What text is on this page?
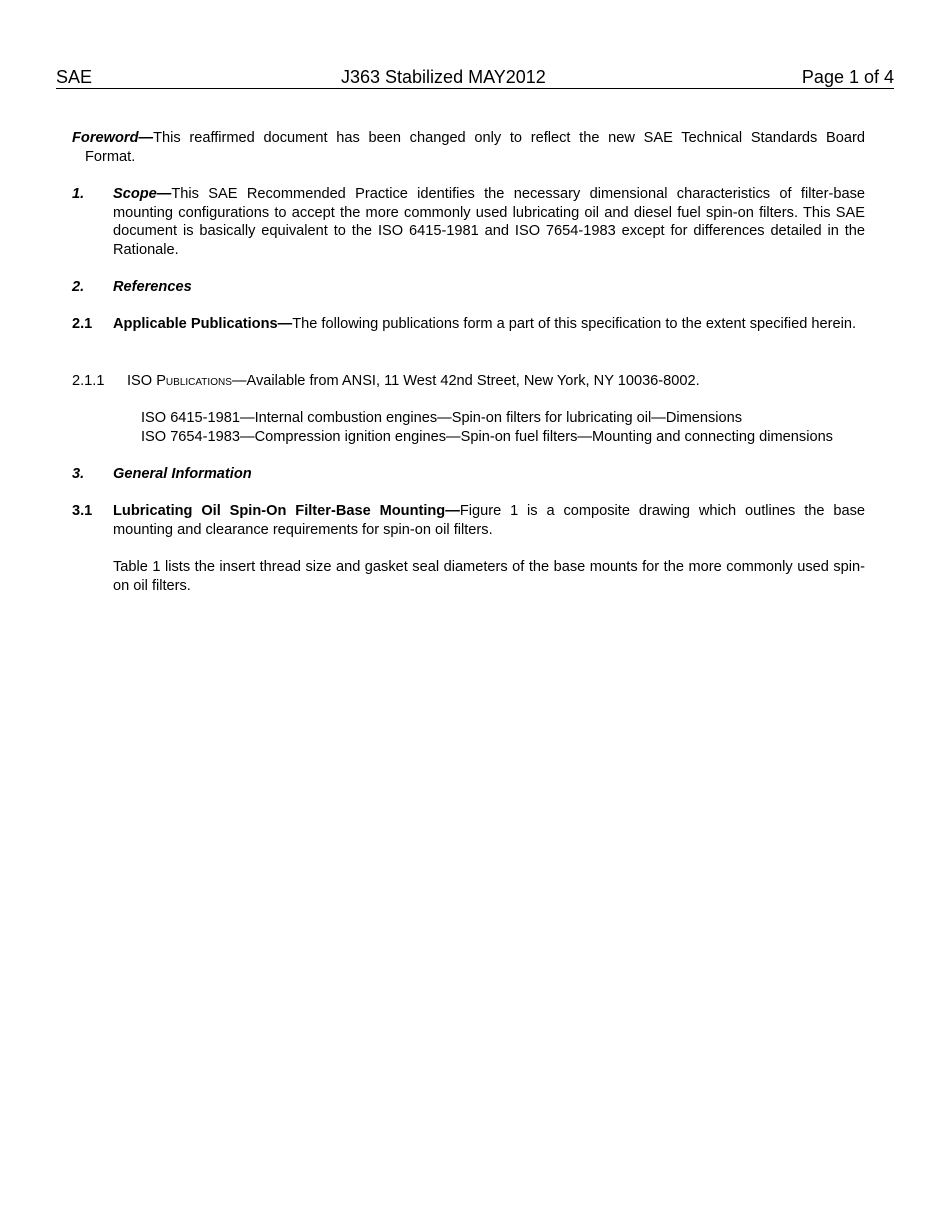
SAE	J363 Stabilized MAY2012	Page 1 of 4
Foreword—This reaffirmed document has been changed only to reflect the new SAE Technical Standards Board
Format.
1. Scope—This SAE Recommended Practice identifies the necessary dimensional characteristics of filter-base mounting configurations to accept the more commonly used lubricating oil and diesel fuel spin-on filters. This SAE document is basically equivalent to the ISO 6415-1981 and ISO 7654-1983 except for differences detailed in the Rationale.
2. References
2.1 Applicable Publications—The following publications form a part of this specification to the extent specified herein.
2.1.1 ISO Publications—Available from ANSI, 11 West 42nd Street, New York, NY 10036-8002.
ISO 6415-1981—Internal combustion engines—Spin-on filters for lubricating oil—Dimensions
ISO 7654-1983—Compression ignition engines—Spin-on fuel filters—Mounting and connecting dimensions
3. General Information
3.1 Lubricating Oil Spin-On Filter-Base Mounting—Figure 1 is a composite drawing which outlines the base mounting and clearance requirements for spin-on oil filters.
Table 1 lists the insert thread size and gasket seal diameters of the base mounts for the more commonly used spin-on oil filters.
